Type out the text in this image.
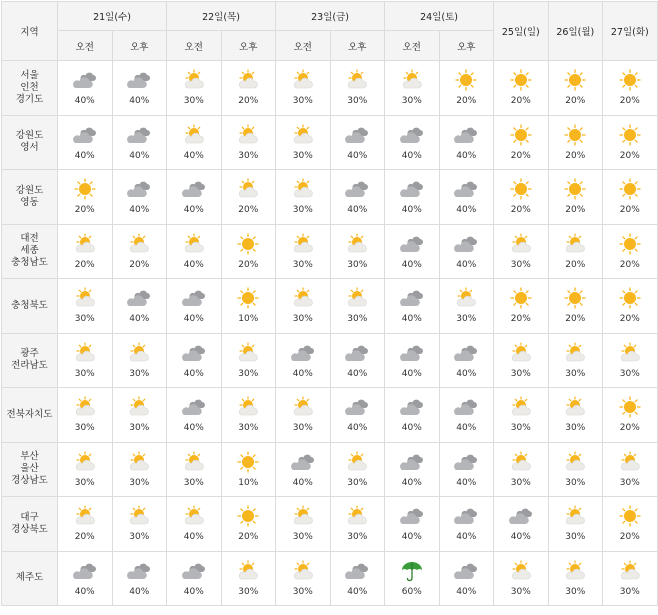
지역	21일(수)		22일(목)		23일(금)		24일(토)		25일(일)	26일(월)	27일(화)
	오전	오후	오전	오후	오전	오후	오전	오후			

서울
인천
경기도	40%	40%	30%	20%	30%	30%	30%	20%	20%	20%	20%

강원도
영서	40%	40%	40%	30%	30%	40%	40%	40%	20%	20%	20%

강원도
영동	20%	40%	40%	20%	30%	40%	40%	40%	20%	20%	20%

대전
세종
충청남도	20%	20%	40%	20%	30%	30%	40%	40%	30%	20%	20%

충청북도	30%	40%	40%	10%	30%	30%	40%	30%	20%	20%	20%

광주
전라남도	30%	30%	40%	30%	40%	40%	40%	40%	30%	30%	30%

전북자치도	30%	30%	40%	30%	30%	40%	40%	40%	30%	30%	20%

부산
울산
경상남도	30%	30%	30%	10%	40%	30%	40%	40%	30%	30%	30%

대구
경상북도	20%	30%	40%	20%	30%	30%	40%	40%	40%	30%	20%

제주도	40%	40%	40%	30%	30%	40%	60%	40%	30%	30%	30%
